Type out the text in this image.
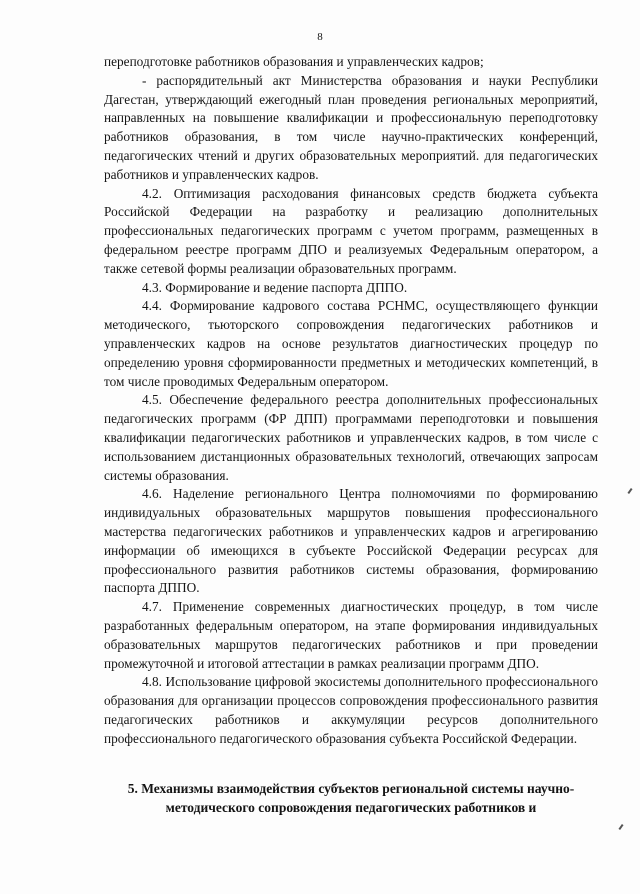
8

переподготовке работников образования и управленческих кадров;

- распорядительный акт Министерства образования и науки Республики Дагестан, утверждающий ежегодный план проведения региональных мероприятий, направленных на повышение квалификации и профессиональную переподготовку работников образования, в том числе научно-практических конференций, педагогических чтений и других образовательных мероприятий. для педагогических работников и управленческих кадров.

4.2. Оптимизация расходования финансовых средств бюджета субъекта Российской Федерации на разработку и реализацию дополнительных профессиональных педагогических программ с учетом программ, размещенных в федеральном реестре программ ДПО и реализуемых Федеральным оператором, а также сетевой формы реализации образовательных программ.

4.3. Формирование и ведение паспорта ДППО.

4.4. Формирование кадрового состава РСНМС, осуществляющего функции методического, тьюторского сопровождения педагогических работников и управленческих кадров на основе результатов диагностических процедур по определению уровня сформированности предметных и методических компетенций, в том числе проводимых Федеральным оператором.

4.5. Обеспечение федерального реестра дополнительных профессиональных педагогических программ (ФР ДПП) программами переподготовки и повышения квалификации педагогических работников и управленческих кадров, в том числе с использованием дистанционных образовательных технологий, отвечающих запросам системы образования.

4.6. Наделение регионального Центра полномочиями по формированию индивидуальных образовательных маршрутов повышения профессионального мастерства педагогических работников и управленческих кадров и агрегированию информации об имеющихся в субъекте Российской Федерации ресурсах для профессионального развития работников системы образования, формированию паспорта ДППО.

4.7. Применение современных диагностических процедур, в том числе разработанных федеральным оператором, на этапе формирования индивидуальных образовательных маршрутов педагогических работников и при проведении промежуточной и итоговой аттестации в рамках реализации программ ДПО.

4.8. Использование цифровой экосистемы дополнительного профессионального образования для организации процессов сопровождения профессионального развития педагогических работников и аккумуляции ресурсов дополнительного профессионального педагогического образования субъекта Российской Федерации.

5. Механизмы взаимодействия субъектов региональной системы научно-методического сопровождения педагогических работников и
